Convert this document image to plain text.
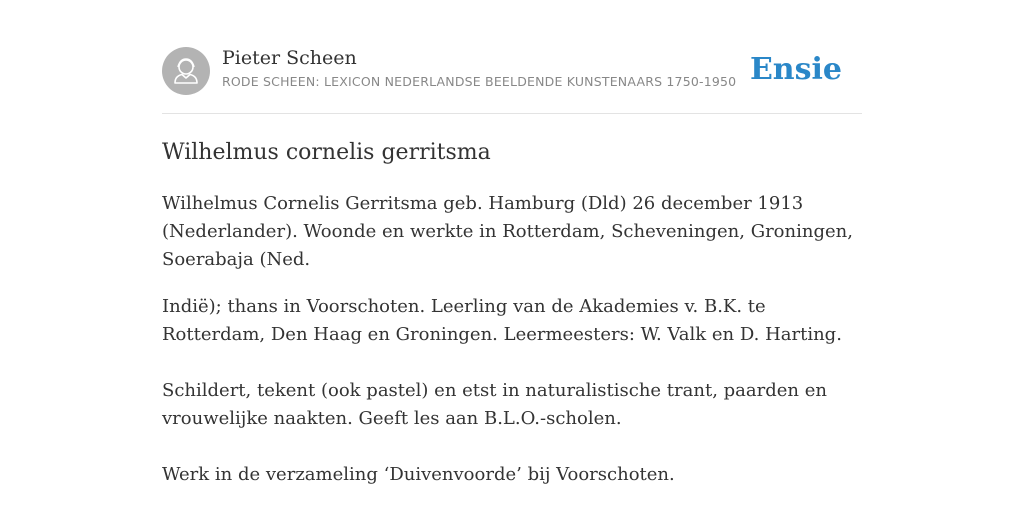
Pieter Scheen
RODE SCHEEN: LEXICON NEDERLANDSE BEELDENDE KUNSTENAARS 1750-1950 Ensie
Wilhelmus cornelis gerritsma

Wilhelmus Cornelis Gerritsma geb. Hamburg (Dld) 26 december 1913 (Nederlander). Woonde en werkte in Rotterdam, Scheveningen, Groningen, Soerabaja (Ned.

Indië); thans in Voorschoten. Leerling van de Akademies v. B.K. te Rotterdam, Den Haag en Groningen. Leermeesters: W. Valk en D. Harting.

Schildert, tekent (ook pastel) en etst in naturalistische trant, paarden en vrouwelijke naakten. Geeft les aan B.L.O.-scholen.

Werk in de verzameling ‘Duivenvoorde’ bij Voorschoten.
